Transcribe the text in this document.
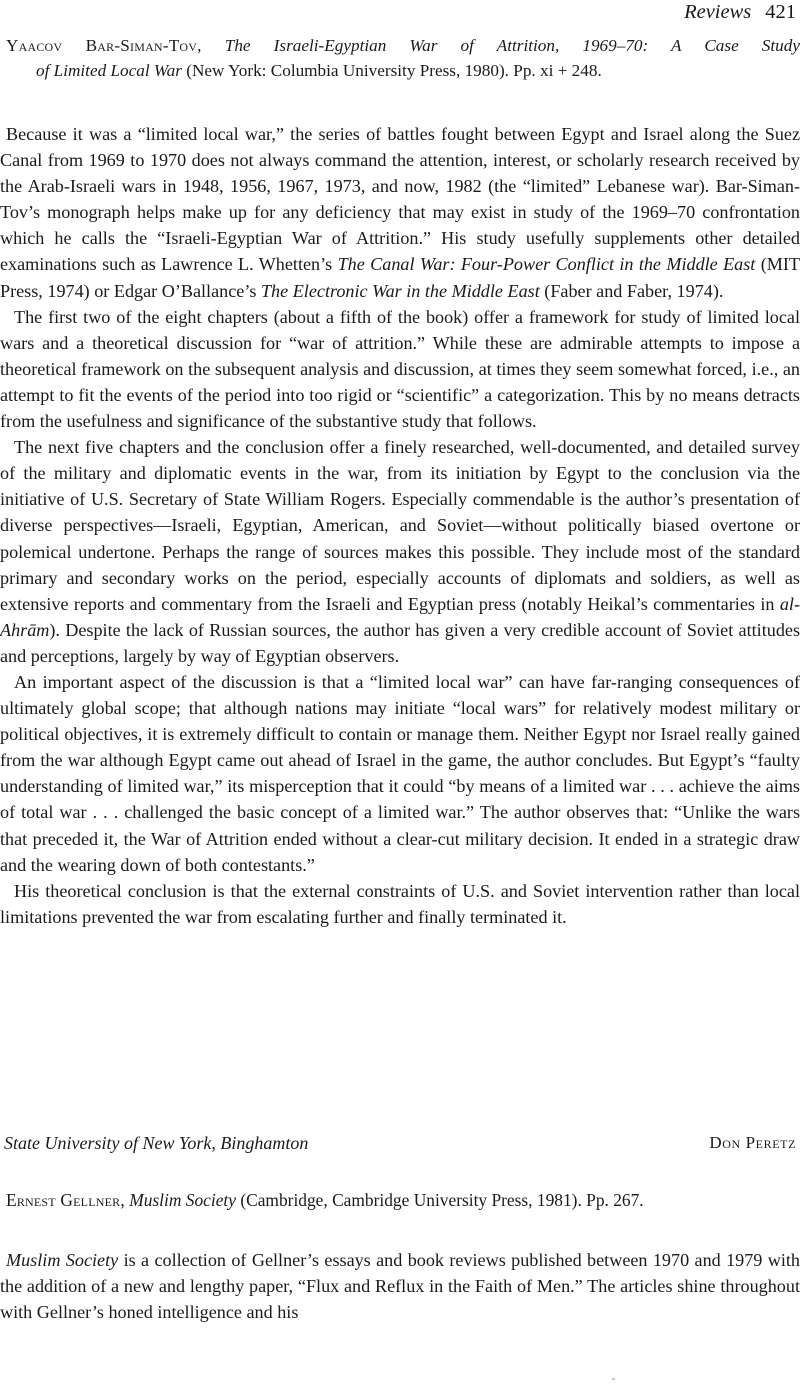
Reviews 421
Yaacov Bar-Siman-Tov, The Israeli-Egyptian War of Attrition, 1969–70: A Case Study
of Limited Local War (New York: Columbia University Press, 1980). Pp. xi + 248.

Because it was a “limited local war,” the series of battles fought between Egypt and Israel along the Suez Canal from 1969 to 1970 does not always command the attention, interest, or scholarly research received by the Arab-Israeli wars in 1948, 1956, 1967, 1973, and now, 1982 (the “limited” Lebanese war). Bar-Siman-Tov’s monograph helps make up for any deficiency that may exist in study of the 1969–70 confrontation which he calls the “Israeli-Egyptian War of Attrition.” His study usefully supplements other detailed examinations such as Lawrence L. Whetten’s The Canal War: Four-Power Conflict in the Middle East (MIT Press, 1974) or Edgar O’Ballance’s The Electronic War in the Middle East (Faber and Faber, 1974).

The first two of the eight chapters (about a fifth of the book) offer a framework for study of limited local wars and a theoretical discussion for “war of attrition.” While these are admirable attempts to impose a theoretical framework on the subsequent analysis and discussion, at times they seem somewhat forced, i.e., an attempt to fit the events of the period into too rigid or “scientific” a categorization. This by no means detracts from the usefulness and significance of the substantive study that follows.

The next five chapters and the conclusion offer a finely researched, well-documented, and detailed survey of the military and diplomatic events in the war, from its initiation by Egypt to the conclusion via the initiative of U.S. Secretary of State William Rogers. Especially commendable is the author’s presentation of diverse perspectives—Israeli, Egyptian, American, and Soviet—without politically biased overtone or polemical undertone. Perhaps the range of sources makes this possible. They include most of the standard primary and secondary works on the period, especially accounts of diplomats and soldiers, as well as extensive reports and commentary from the Israeli and Egyptian press (notably Heikal’s commentaries in al-Ahrām). Despite the lack of Russian sources, the author has given a very credible account of Soviet attitudes and perceptions, largely by way of Egyptian observers.

An important aspect of the discussion is that a “limited local war” can have far-ranging consequences of ultimately global scope; that although nations may initiate “local wars” for relatively modest military or political objectives, it is extremely difficult to contain or manage them. Neither Egypt nor Israel really gained from the war although Egypt came out ahead of Israel in the game, the author concludes. But Egypt’s “faulty understanding of limited war,” its misperception that it could “by means of a limited war . . . achieve the aims of total war . . . challenged the basic concept of a limited war.” The author observes that: “Unlike the wars that preceded it, the War of Attrition ended without a clear-cut military decision. It ended in a strategic draw and the wearing down of both contestants.”

His theoretical conclusion is that the external constraints of U.S. and Soviet intervention rather than local limitations prevented the war from escalating further and finally terminated it.

State University of New York, Binghamton	Don Peretz
Ernest Gellner, Muslim Society (Cambridge, Cambridge University Press, 1981). Pp. 267.

Muslim Society is a collection of Gellner’s essays and book reviews published between 1970 and 1979 with the addition of a new and lengthy paper, “Flux and Reflux in the Faith of Men.” The articles shine throughout with Gellner’s honed intelligence and his
